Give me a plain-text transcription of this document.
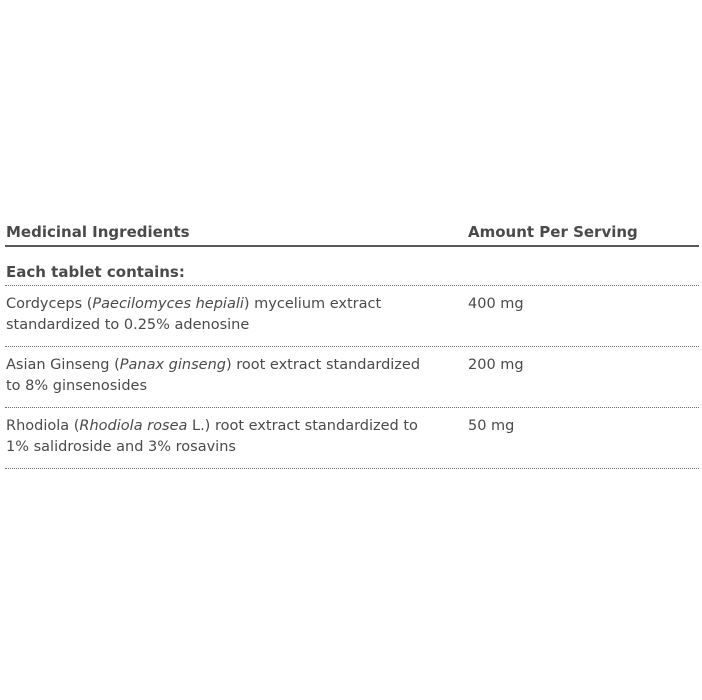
Medicinal Ingredients	Amount Per Serving
Each tablet contains:
Cordyceps (Paecilomyces hepiali) mycelium extract
standardized to 0.25% adenosine
400 mg
Asian Ginseng (Panax ginseng) root extract standardized
to 8% ginsenosides
200 mg
Rhodiola (Rhodiola rosea L.) root extract standardized to
1% salidroside and 3% rosavins
50 mg
